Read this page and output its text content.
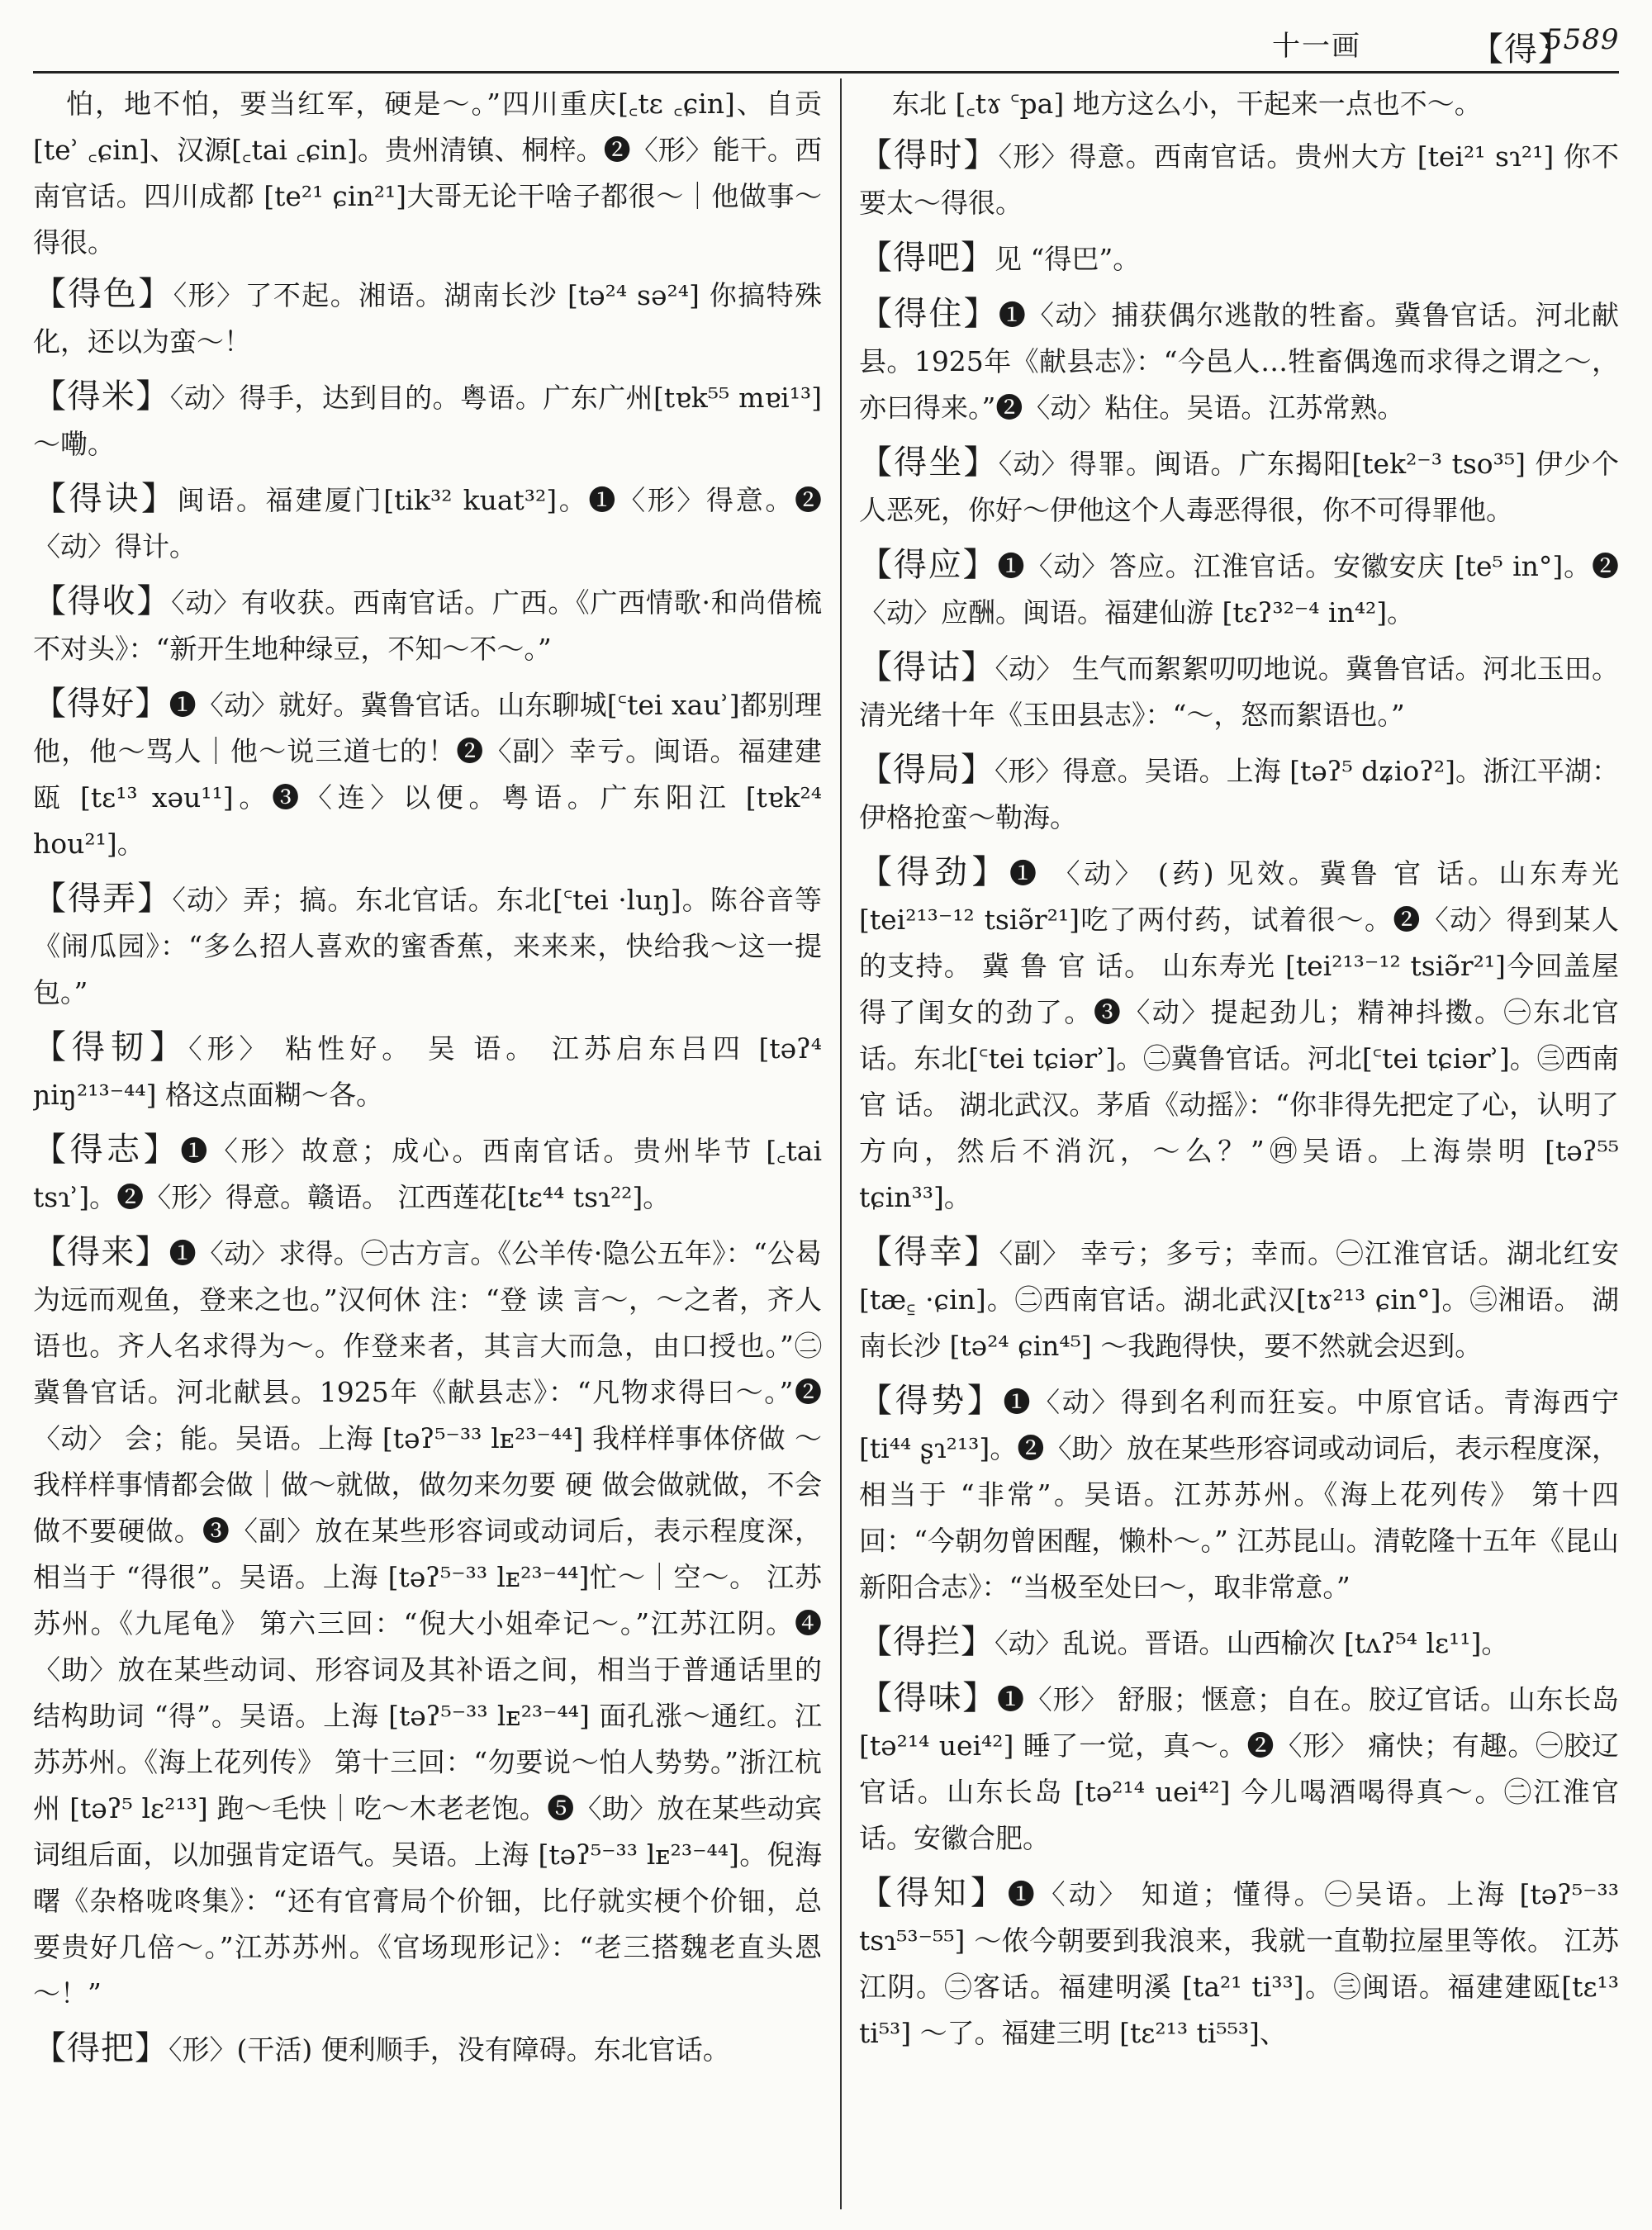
十一画
【	得 】 5589

怕，地不怕，要当红军，硬是～。”四川重庆[꜀tɛ ꜀ɕin]、自贡[teʾ ꜀ɕin]、汉源[꜀tai ꜀ɕin]。贵州清镇、桐梓。❷〈形〉能干。西南官话。四川成都 [te²¹ ɕin²¹]大哥无论干啥子都很～｜他做事～得很。

【 得色 】 〈形〉了不起。湘语。湖南长沙 [tə²⁴ sə²⁴] 你搞特殊化，还以为蛮～！

【 得米 】 〈动〉得手，达到目的。粤语。广东广州[tɐk⁵⁵ mɐi¹³] ～嘞。

【 得诀 】 闽语。福建厦门[tik³² kuat³²]。❶〈形〉得意。❷〈动〉得计。

【 得收 】 〈动〉有收获。西南官话。广西。《广西情歌·和尚借梳不对头》：“新开生地种绿豆，不知～不～。”

【 得好 】 ❶〈动〉就好。冀鲁官话。山东聊城[꜂tei xauʾ]都别理他，他～骂人｜他～说三道七的！❷〈副〉幸亏。闽语。福建建瓯 [tɛ¹³ xəu¹¹]。❸〈连〉以便。粤语。广东阳江 [tɐk²⁴ hou²¹]。

【 得弄 】 〈动〉弄；搞。东北官话。东北[꜂tei ·luŋ]。陈谷音等《闹瓜园》：“多么招人喜欢的蜜香蕉，来来来，快给我～这一提包。”

【 得韧 】 〈形〉 粘性好。 吴 语。 江苏启东吕四 [təʔ⁴ ɲiŋ²¹³⁻⁴⁴] 格这点面糊～各。

【 得志 】 ❶〈形〉故意；成心。西南官话。贵州毕节 [꜀tai tsɿʾ]。❷〈形〉得意。赣语。 江西莲花[tɛ⁴⁴ tsɿ²²]。

【 得来 】 ❶〈动〉求得。㊀古方言。《公羊传·隐公五年》：“公曷为远而观鱼，登来之也。”汉何休 注：“登 读 言～，～之者，齐人语也。齐人名求得为～。作登来者，其言大而急，由口授也。”㊁冀鲁官话。河北献县。1925年《献县志》：“凡物求得曰～。”❷〈动〉 会；能。吴语。上海 [təʔ⁵⁻³³ lᴇ²³⁻⁴⁴] 我样样事体侪做 ～我样样事情都会做｜做～就做，做勿来勿要 硬 做会做就做，不会做不要硬做。❸〈副〉放在某些形容词或动词后，表示程度深，相当于 “得很”。吴语。上海 [təʔ⁵⁻³³ lᴇ²³⁻⁴⁴]忙～｜空～。 江苏苏州。《九尾龟》 第六三回：“倪大小姐牵记～。”江苏江阴。❹〈助〉放在某些动词、形容词及其补语之间，相当于普通话里的结构助词 “得”。吴语。上海 [təʔ⁵⁻³³ lᴇ²³⁻⁴⁴] 面孔涨～通红。江苏苏州。《海上花列传》 第十三回：“勿要说～怕人势势。”浙江杭州 [təʔ⁵ lɛ²¹³] 跑～毛快｜吃～木老老饱。❺〈助〉放在某些动宾词组后面，以加强肯定语气。吴语。上海 [təʔ⁵⁻³³ lᴇ²³⁻⁴⁴]。倪海曙《杂格咙咚集》：“还有官膏局个价钿，比仔就实梗个价钿，总要贵好几倍～。”江苏苏州。《官场现形记》：“老三搭魏老直头恩～！”

【 得把 】 〈形〉(干活) 便利顺手，没有障碍。东北官话。

东北 [꜀tɤ ꜂pa] 地方这么小，干起来一点也不～。

【 得时 】 〈形〉得意。西南官话。贵州大方 [tei²¹ sɿ²¹] 你不要太～得很。

【 得吧 】 见 “得巴”。

【 得住 】 ❶〈动〉捕获偶尔逃散的牲畜。冀鲁官话。河北献县。1925年《献县志》：“今邑人…牲畜偶逸而求得之谓之～，亦曰得来。”❷〈动〉粘住。吴语。江苏常熟。

【 得坐 】 〈动〉得罪。闽语。广东揭阳[tek²⁻³ tso³⁵] 伊少个人恶死，你好～伊他这个人毒恶得很，你不可得罪他。

【 得应 】 ❶〈动〉答应。江淮官话。安徽安庆 [te⁵ in°]。❷〈动〉应酬。闽语。福建仙游 [tɛʔ³²⁻⁴ in⁴²]。

【 得诂 】 〈动〉 生气而絮絮叨叨地说。冀鲁官话。河北玉田。清光绪十年《玉田县志》：“～，怒而絮语也。”

【 得局 】 〈形〉得意。吴语。上海 [təʔ⁵ dʑioʔ²]。浙江平湖：伊格抢蛮～勒海。

【 得劲 】 ❶ 〈动〉 (药) 见效。冀鲁 官 话。山东寿光 [tei²¹³⁻¹² tsiə̃r²¹]吃了两付药，试着很～。❷〈动〉得到某人的支持。 冀 鲁 官 话。 山东寿光 [tei²¹³⁻¹² tsiə̃r²¹]今回盖屋得了闺女的劲了。❸〈动〉提起劲儿；精神抖擞。㊀东北官话。东北[꜂tei tɕiərʾ]。㊁冀鲁官话。河北[꜂tei tɕiərʾ]。㊂西南 官 话。 湖北武汉。茅盾《动摇》：“你非得先把定了心，认明了方向，然后不消沉，～么？”㊃吴语。上海崇明 [təʔ⁵⁵ tɕin³³]。

【 得幸 】 〈副〉 幸亏；多亏；幸而。㊀江淮官话。湖北红安[tæ꜁ ·ɕin]。㊁西南官话。湖北武汉[tɤ²¹³ ɕin°]。㊂湘语。 湖南长沙 [tə²⁴ ɕin⁴⁵] ～我跑得快，要不然就会迟到。

【 得势 】 ❶〈动〉得到名利而狂妄。中原官话。青海西宁[ti⁴⁴ ʂɿ²¹³]。❷〈助〉放在某些形容词或动词后，表示程度深，相当于 “非常”。吴语。江苏苏州。《海上花列传》 第十四回：“今朝勿曾困醒，懒朴～。” 江苏昆山。清乾隆十五年《昆山新阳合志》：“当极至处曰～，取非常意。”

【 得拦 】 〈动〉乱说。晋语。山西榆次 [tʌʔ⁵⁴ lɛ¹¹]。

【 得味 】 ❶〈形〉 舒服；惬意；自在。胶辽官话。山东长岛 [tə²¹⁴ uei⁴²] 睡了一觉，真～。❷〈形〉 痛快；有趣。㊀胶辽官话。山东长岛 [tə²¹⁴ uei⁴²] 今儿喝酒喝得真～。㊁江淮官话。安徽合肥。

【 得知 】 ❶〈动〉 知道；懂得。㊀吴语。上海 [təʔ⁵⁻³³ tsɿ⁵³⁻⁵⁵] ～侬今朝要到我浪来，我就一直勒拉屋里等侬。 江苏江阴。㊁客话。福建明溪 [ta²¹ ti³³]。㊂闽语。福建建瓯[tɛ¹³ ti⁵³] ～了。福建三明 [tɛ²¹³ ti⁵⁵³]、
